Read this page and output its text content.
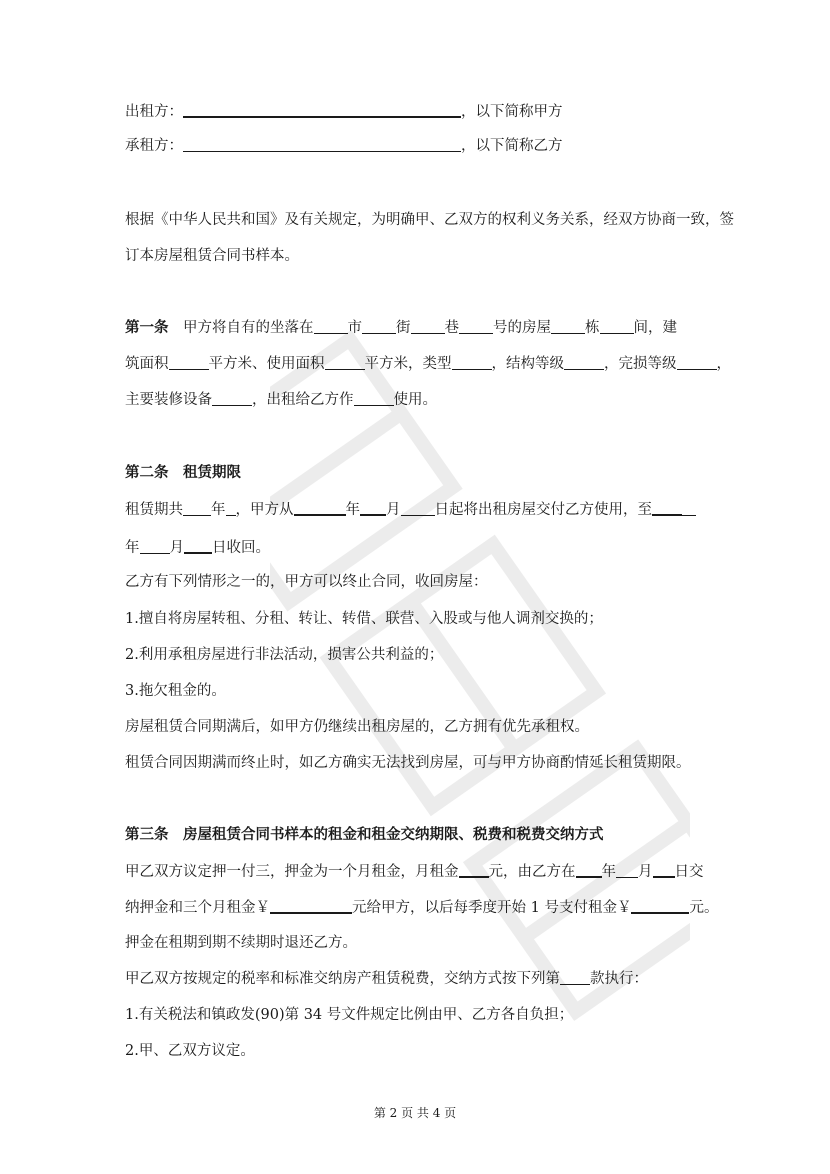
出租方：	，以下简称甲方
承租方：	，以下简称乙方
根据《中华人民共和国》及有关规定，为明确甲、乙双方的权利义务关系，经双方协商一致，签
订本房屋租赁合同书样本。
第一条　 甲方将自有的坐落在 市 街 巷 号的房屋 栋 间，建
筑面积	平方米、使用面积	平方米，类型	，结构等级	，完损等级	，
主要装修设备	，出租给乙方作	使用。
第二条　租赁期限
租赁期共 年 ，甲方从	年 月 日起将出租房屋交付乙方使用，至
年 月 日收回。
乙方有下列情形之一的，甲方可以终止合同，收回房屋：
1.擅自将房屋转租、分租、转让、转借、联营、入股或与他人调剂交换的；
2.利用承租房屋进行非法活动，损害公共利益的；
3.拖欠租金的。
房屋租赁合同期满后，如甲方仍继续出租房屋的，乙方拥有优先承租权。
租赁合同因期满而终止时，如乙方确实无法找到房屋，可与甲方协商酌情延长租赁期限。
第三条　房屋租赁合同书样本的租金和租金交纳期限、税费和税费交纳方式
甲乙双方议定押一付三，押金为一个月租金，月租金 元，由乙方在 年 月 日交
纳押金和三个月租金￥	元给甲方，以后每季度开始 1 号支付租金￥	元。
押金在租期到期不续期时退还乙方。
甲乙双方按规定的税率和标准交纳房产租赁税费，交纳方式按下列第 款执行：
1.有关税法和镇政发(90)第 34 号文件规定比例由甲、乙方各自负担；
2.甲、乙双方议定。
第 2 页 共 4 页
